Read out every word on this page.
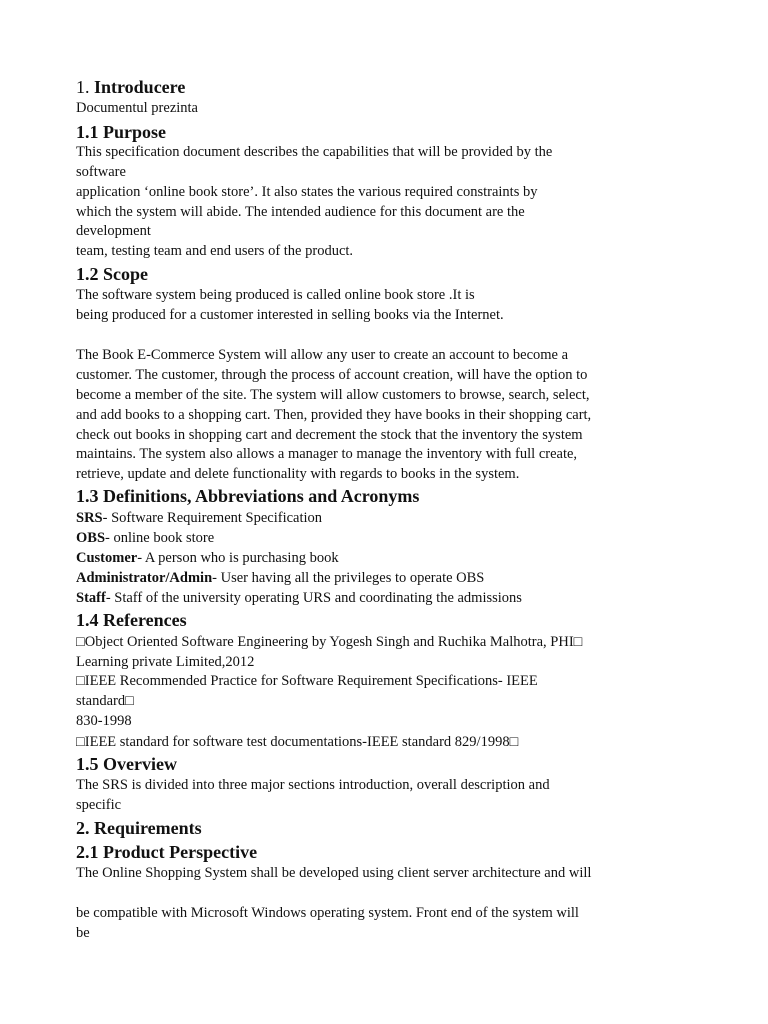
1. Introducere
Documentul prezinta
1.1 Purpose
This specification document describes the capabilities that will be provided by the
software
application ‘online book store’. It also states the various required constraints by
which the system will abide. The intended audience for this document are the
development
team, testing team and end users of the product.
1.2 Scope
The software system being produced is called online book store .It is
being produced for a customer interested in selling books via the Internet.
The Book E-Commerce System will allow any user to create an account to become a
customer. The customer, through the process of account creation, will have the option to
become a member of the site. The system will allow customers to browse, search, select,
and add books to a shopping cart. Then, provided they have books in their shopping cart,
check out books in shopping cart and decrement the stock that the inventory the system
maintains. The system also allows a manager to manage the inventory with full create,
retrieve, update and delete functionality with regards to books in the system.
1.3 Definitions, Abbreviations and Acronyms
SRS- Software Requirement Specification
OBS- online book store
Customer- A person who is purchasing book
Administrator/Admin- User having all the privileges to operate OBS
Staff- Staff of the university operating URS and coordinating the admissions
1.4 References
□Object Oriented Software Engineering by Yogesh Singh and Ruchika Malhotra, PHI□
Learning private Limited,2012
□IEEE Recommended Practice for Software Requirement Specifications- IEEE
standard□
830-1998
□IEEE standard for software test documentations-IEEE standard 829/1998□
1.5 Overview
The SRS is divided into three major sections introduction, overall description and
specific
2. Requirements
2.1 Product Perspective
The Online Shopping System shall be developed using client server architecture and will
be compatible with Microsoft Windows operating system. Front end of the system will
be
